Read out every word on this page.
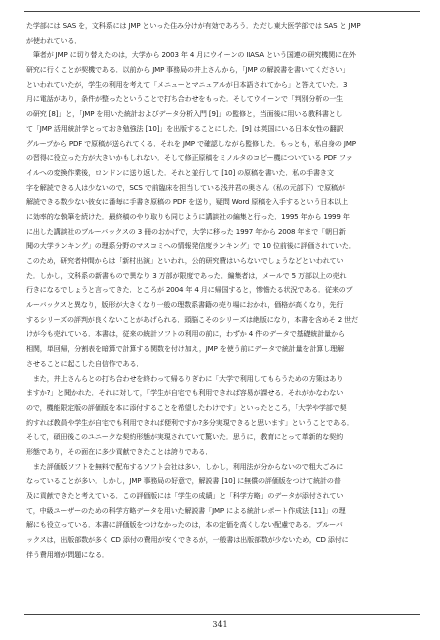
た学部には SAS を，文科系には JMP といった住み分けが有効であろう．ただし東大医学部では SAS と JMP
が使われている．
　筆者が JMP に切り替えたのは，大学から 2003 年 4 月にウイーンの IIASA という国連の研究機関に在外
研究に行くことが契機である．以前から JMP 事務局の井上さんから，「JMP の解説書を書いてください」
といわれていたが，学生の利用を考えて「メニューとマニュアルが日本語されてから」と答えていた．3
月に電話があり，条件が整ったということで打ち合わせをもった．そしてウイーンで「判別分析の一生
の研究 [8]」と，「JMP を用いた統計およびデータ分析入門 [9]」の監修と，当面後に用いる教科書とし
て「JMP 活用統計学とっておき勉強法 [10]」を出版することにした．[9] は英国にいる日本女性の翻訳
グループから PDF で原稿が送られてくる．それを JMP で確認しながら監修した．もっとも，私自身の JMP
の習得に役立った方が大きいかもしれない．そして修正原稿をミノルタのコピー機についている PDF ファ
イルへの変換作業後，ロンドンに送り返した．それと並行して [10] の原稿を書いた．私の手書き文
字を解読できる人は少ないので，SCS で前臨床を担当している浅井君の奥さん（私の元部下）で原稿が
解読できる数少ない彼女に番毎に手書き原稿の PDF を送り，疑問 Word 原稿を入手するという日本以上
に効率的な執筆を続けた．最終稿のやり取りも同じように講談社の編集と行った．1995 年から 1999 年
に出した講談社のブルーバックスの 3 冊のおかげで，大学に移った 1997 年から 2008 年まで「朝日新
聞の大学ランキング」の理系分野のマスコミへの情報発信度ランキング」で 10 位前後に評価されていた．
このため，研究者仲間からは「新村出演」といわれ，公的研究費はいらないでしょうなどといわれてい
た．しかし，文科系の新書もので異なり 3 万部が限度であった．編集者は，メールで 5 万部以上の売れ
行きになるでしょうと言ってきた．ところが 2004 年 4 月に帰国すると，惨憺たる状況である．従来のブ
ルーバックスと異なり，版形が大きくなり一般の理数系書籍の売り場におかれ，価格が高くなり，先行
するシリーズの評判が良くないことがあげられる．頭脳こそのシリーズは絶版になり，本書を含めそ 2 世だ
けが今も売れている．本書は，従来の統計ソフトの利用の前に，わずか 4 件のデータで基礎統計量から
相関，単回帰，分割表を暗算で計算する関数を付け加え，JMP を使う前にデータで統計量を計算し理解
させることに起こした自信作である．
　また，井上さんらとの打ち合わせを終わって帰るりぎわに「大学で利用してもらうための方策はあり
ますか?」と聞かれた．それに対して，「学生が自宅でも利用できれば容易が課せる．それがかなわない
ので，機能限定版の評価版を本に添付することを希望したわけです」といったところ，「大学や学部で契
約すれば教員や学生が自宅でも利用できれば便利ですか?多分実現できると思います」ということである．
そして，碩田後このユニークな契約形態が実現されていて驚いた．思うに，教育にとって革新的な契約
形態であり，その面在に多少貢献できたことは誇りである．
　また評価版ソフトを無料で配布するソフト会社は多い．しかし，利用法が分からないので粗大ごみに
なっていることが多い．しかし，JMP 事務局の好意で，解説書 [10] に無償の評価版をつけて統計の普
及に貢献できたと考えている．この評価版には「学生の成績」と「科学方略」のデータが添付されてい
て，中級ユーザーのための科学方略データを用いた解説書「JMP による統計レポート作成法 [11]」の理
解にも役立っている．本書に評価版をつけなかったのは，本の定価を高くしない配慮である．ブルーバ
ックスは，出版部数が多く CD 添付の費用が安くできるが，一般書は出版部数が少ないため，CD 添付に
伴う費用増が問題になる．
341
